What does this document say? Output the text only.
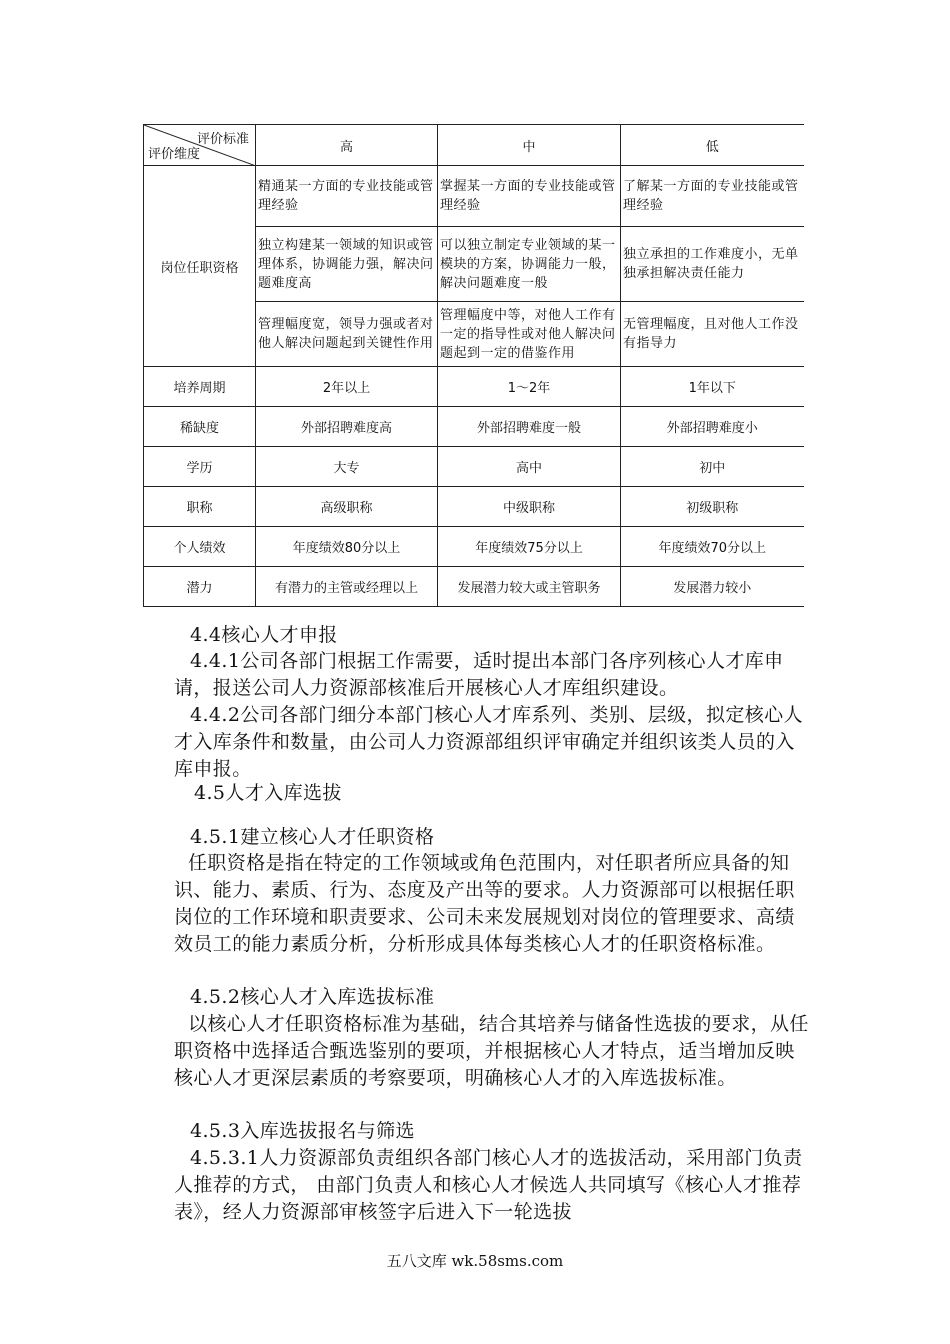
评价标准
评价维度	高	中	低
岗位任职资格	精通某一方面的专业技能或管理经验	掌握某一方面的专业技能或管理经验	了解某一方面的专业技能或管理经验
	独立构建某一领域的知识或管理体系，协调能力强，解决问题难度高	可以独立制定专业领域的某一模块的方案，协调能力一般，解决问题难度一般	独立承担的工作难度小，无单独承担解决责任能力
	管理幅度宽，领导力强或者对他人解决问题起到关键性作用	管理幅度中等，对他人工作有一定的指导性或对他人解决问题起到一定的借鉴作用	无管理幅度，且对他人工作没有指导力
培养周期	2年以上	1～2年	1年以下
稀缺度	外部招聘难度高	外部招聘难度一般	外部招聘难度小
学历	大专	高中	初中
职称	高级职称	中级职称	初级职称
个人绩效	年度绩效80分以上	年度绩效75分以上	年度绩效70分以上
潜力	有潜力的主管或经理以上	发展潜力较大或主管职务	发展潜力较小

4.4核心人才申报

4.4.1公司各部门根据工作需要，适时提出本部门各序列核心人才库申请，报送公司人力资源部核准后开展核心人才库组织建设。

4.4.2公司各部门细分本部门核心人才库系列、类别、层级，拟定核心人才入库条件和数量，由公司人力资源部组织评审确定并组织该类人员的入库申报。

4.5人才入库选拔

4.5.1建立核心人才任职资格

任职资格是指在特定的工作领域或角色范围内，对任职者所应具备的知识、能力、素质、行为、态度及产出等的要求。人力资源部可以根据任职岗位的工作环境和职责要求、公司未来发展规划对岗位的管理要求、高绩效员工的能力素质分析，分析形成具体每类核心人才的任职资格标准。

4.5.2核心人才入库选拔标准

以核心人才任职资格标准为基础，结合其培养与储备性选拔的要求，从任职资格中选择适合甄选鉴别的要项，并根据核心人才特点，适当增加反映核心人才更深层素质的考察要项，明确核心人才的入库选拔标准。

4.5.3入库选拔报名与筛选

4.5.3.1人力资源部负责组织各部门核心人才的选拔活动，采用部门负责人推荐的方式， 由部门负责人和核心人才候选人共同填写《核心人才推荐表》，经人力资源部审核签字后进入下一轮选拔

五八文库 wk.58sms.com
